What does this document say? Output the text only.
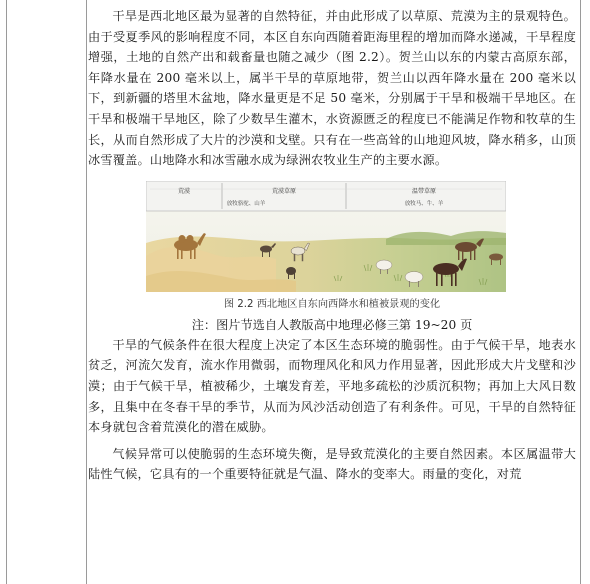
干旱是西北地区最为显著的自然特征，并由此形成了以草原、荒漠为主的景观特色。由于受夏季风的影响程度不同，本区自东向西随着距海里程的增加而降水递减，干旱程度增强，土地的自然产出和载畜量也随之减少（图 2.2）。贺兰山以东的内蒙古高原东部，年降水量在 200 毫米以上，属半干旱的草原地带，贺兰山以西年降水量在 200 毫米以下，到新疆的塔里木盆地，降水量更是不足 50 毫米，分别属于干旱和极端干旱地区。在干旱和极端干旱地区，除了少数旱生灌木，水资源匮乏的程度已不能满足作物和牧草的生长，从而自然形成了大片的沙漠和戈壁。只有在一些高耸的山地迎风坡，降水稍多，山顶冰雪覆盖。山地降水和冰雪融水成为绿洲农牧业生产的主要水源。

荒漠	荒漠草原	温带草原
放牧骆驼、山羊	放牧马、牛、羊
图 2.2 西北地区自东向西降水和植被景观的变化
注：图片节选自人教版高中地理必修三第 19~20 页

干旱的气候条件在很大程度上决定了本区生态环境的脆弱性。由于气候干旱，地表水贫乏，河流欠发育，流水作用微弱，而物理风化和风力作用显著，因此形成大片戈壁和沙漠；由于气候干旱，植被稀少，土壤发育差，平地多疏松的沙质沉积物；再加上大风日数多，且集中在冬春干旱的季节，从而为风沙活动创造了有利条件。可见，干旱的自然特征本身就包含着荒漠化的潜在威胁。

气候异常可以使脆弱的生态环境失衡，是导致荒漠化的主要自然因素。本区属温带大陆性气候，它具有的一个重要特征就是气温、降水的变率大。雨量的变化，对荒
